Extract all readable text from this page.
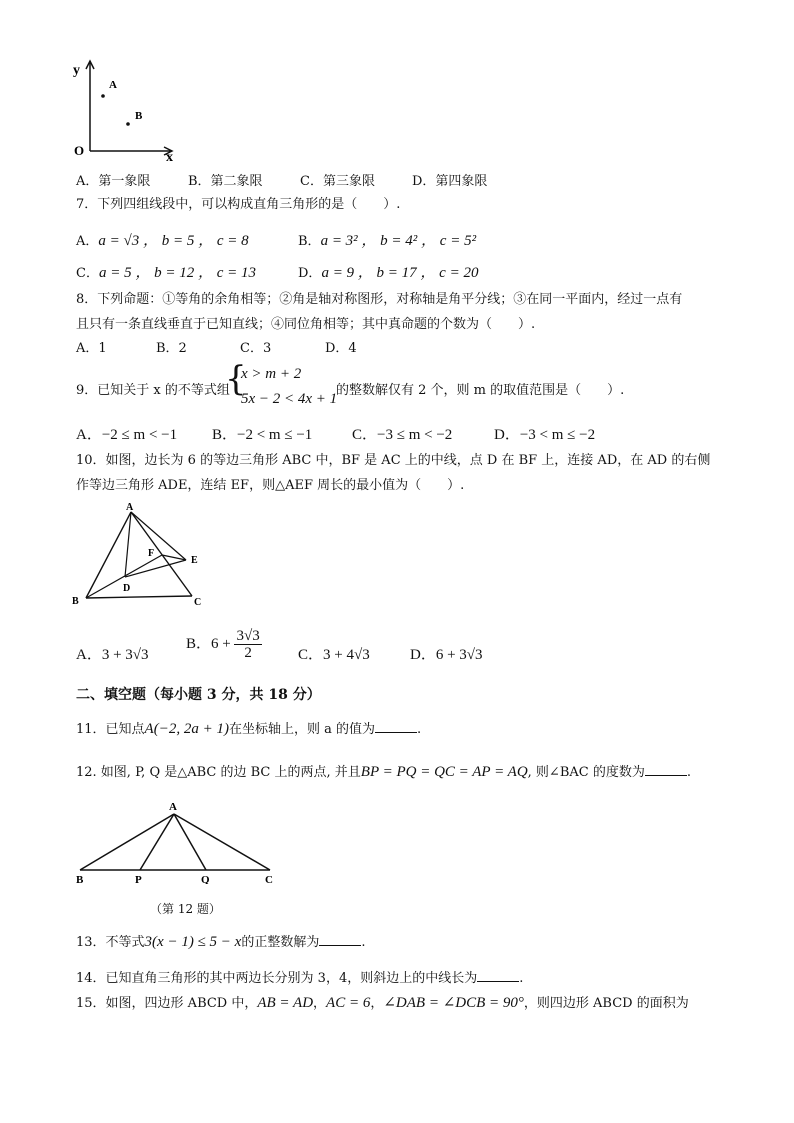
y
x
O
A
B
A．第一象限	B．第二象限	C．第三象限	D．第四象限
7．下列四组线段中，可以构成直角三角形的是（　　）.
A．a = √3 ， b = 5 ， c = 8	B．a = 3² ， b = 4² ， c = 5²
C．a = 5 ， b = 12 ， c = 13	D．a = 9 ， b = 17 ， c = 20
8．下列命题：①等角的余角相等；②角是轴对称图形，对称轴是角平分线；③在同一平面内，经过一点有
且只有一条直线垂直于已知直线；④同位角相等；其中真命题的个数为（　　）.
A．1	B．2	C．3	D．4
9．已知关于 x 的不等式组
{
x > m + 2
5x − 2 < 4x + 1
的整数解仅有 2 个，则 m 的取值范围是（　　）.
A．−2 ≤ m < −1 B．−2 < m ≤ −1	C．−3 ≤ m < −2	D．−3 < m ≤ −2
10．如图，边长为 6 的等边三角形 ABC 中，BF 是 AC 上的中线，点 D 在 BF 上，连接 AD，在 AD 的右侧
作等边三角形 ADE，连结 EF，则△AEF 周长的最小值为（　　）.
A
B	C
D
E
F
A．3 + 3√3
B．$6 + \frac{3√3}{2}$ C．3 + 4√3	D．6 + 3√3
二、填空题（每小题 3 分，共 18 分）
11．已知点A(−2, 2a + 1)在坐标轴上，则 a 的值为	.
12. 如图, P, Q 是△ABC 的边 BC 上的两点, 并且BP = PQ = QC = AP = AQ, 则∠BAC 的度数为	.
A
B	P	Q	C
（第 12 题）
13．不等式3(x − 1) ≤ 5 − x的正整数解为	.
14．已知直角三角形的其中两边长分别为 3，4，则斜边上的中线长为	.
15．如图，四边形 ABCD 中，AB = AD，AC = 6，∠DAB = ∠DCB = 90°，则四边形 ABCD 的面积为
